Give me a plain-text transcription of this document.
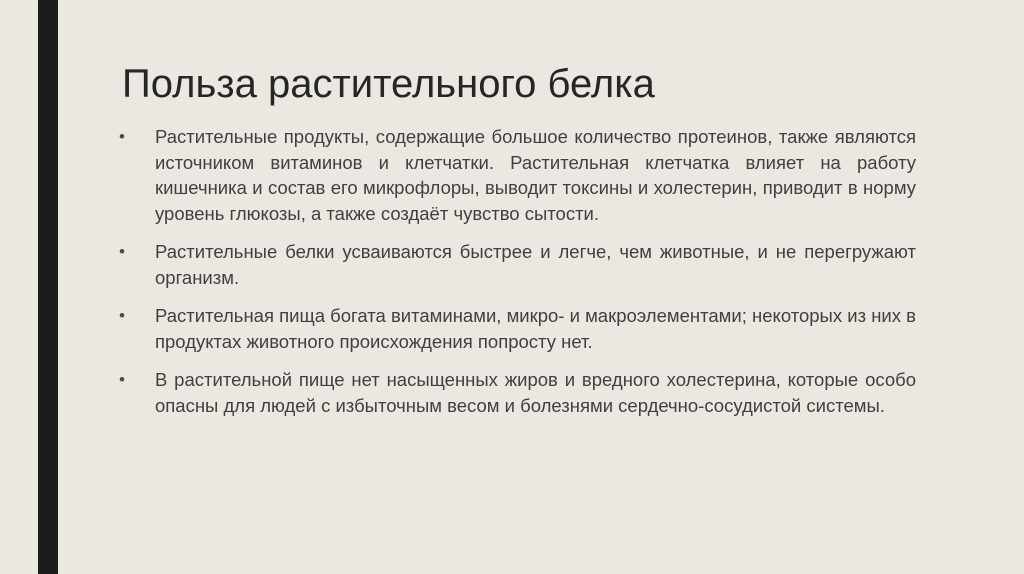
Польза растительного белка
• Растительные продукты, содержащие большое количество протеинов, также являются источником витаминов и клетчатки. Растительная клетчатка влияет на работу кишечника и состав его микрофлоры, выводит токсины и холестерин, приводит в норму уровень глюкозы, а также создаёт чувство сытости.
• Растительные белки усваиваются быстрее и легче, чем животные, и не перегружают организм.
• Растительная пища богата витаминами, микро- и макроэлементами; некоторых из них в продуктах животного происхождения попросту нет.
• В растительной пище нет насыщенных жиров и вредного холестерина, которые особо опасны для людей с избыточным весом и болезнями сердечно-сосудистой системы.
